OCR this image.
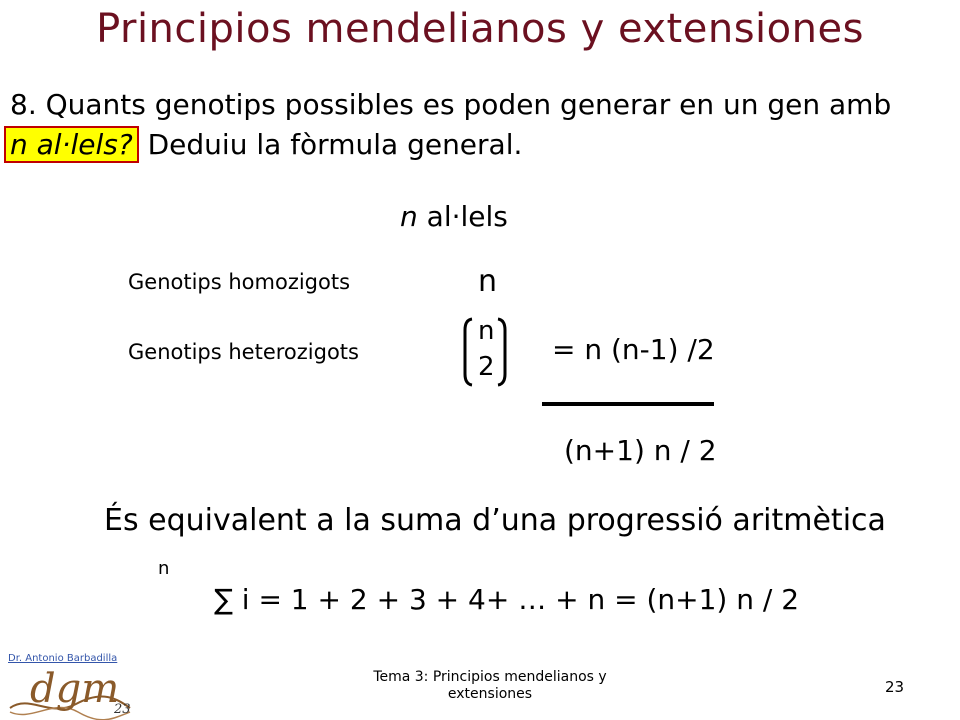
Principios mendelianos y extensiones
8. Quants genotips possibles es poden generar en un gen amb
n al·lels? Deduiu la fòrmula general.
n al·lels
Genotips homozigots	n
Genotips heterozigots
n
2
= n (n-1) /2
(n+1) n / 2
És equivalent a la suma d’una progressió aritmètica
n
∑ i = 1 + 2 + 3 + 4+ … + n = (n+1) n / 2
Dr. Antonio Barbadilla
dgm
23
Tema 3: Principios mendelianos y extensiones	23
